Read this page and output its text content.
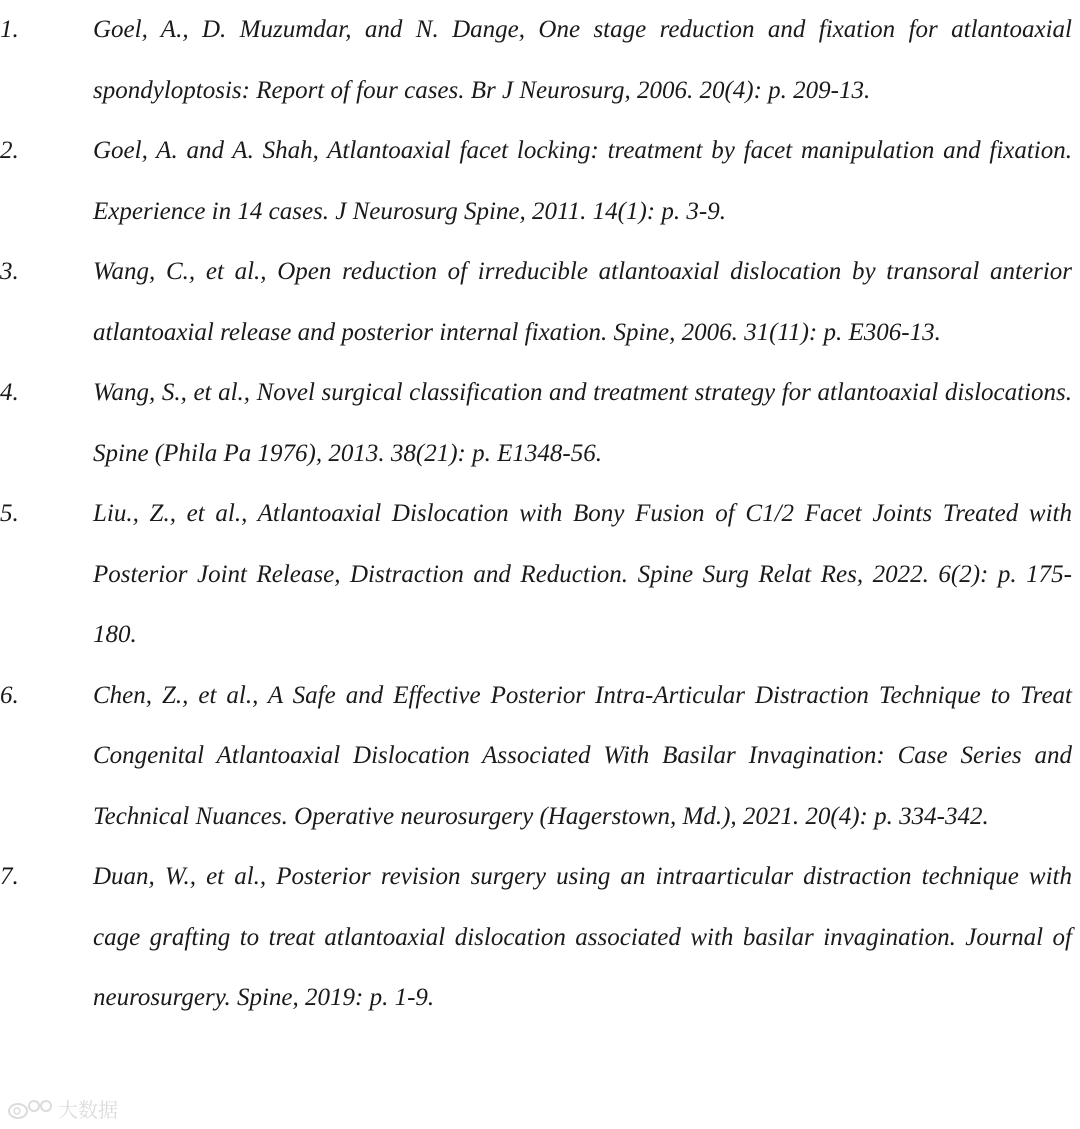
1.	Goel, A., D. Muzumdar, and N. Dange, One stage reduction and fixation for atlantoaxial spondyloptosis: Report of four cases. Br J Neurosurg, 2006. 20(4): p. 209-13.
2.	Goel, A. and A. Shah, Atlantoaxial facet locking: treatment by facet manipulation and fixation. Experience in 14 cases. J Neurosurg Spine, 2011. 14(1): p. 3-9.
3.	Wang, C., et al., Open reduction of irreducible atlantoaxial dislocation by transoral anterior atlantoaxial release and posterior internal fixation. Spine, 2006. 31(11): p. E306-13.
4.	Wang, S., et al., Novel surgical classification and treatment strategy for atlantoaxial dislocations. Spine (Phila Pa 1976), 2013. 38(21): p. E1348-56.
5.	Liu., Z., et al., Atlantoaxial Dislocation with Bony Fusion of C1/2 Facet Joints Treated with Posterior Joint Release, Distraction and Reduction. Spine Surg Relat Res, 2022. 6(2): p. 175-180.
6.	Chen, Z., et al., A Safe and Effective Posterior Intra-Articular Distraction Technique to Treat Congenital Atlantoaxial Dislocation Associated With Basilar Invagination: Case Series and Technical Nuances. Operative neurosurgery (Hagerstown, Md.), 2021. 20(4): p. 334-342.
7.	Duan, W., et al., Posterior revision surgery using an intraarticular distraction technique with cage grafting to treat atlantoaxial dislocation associated with basilar invagination. Journal of neurosurgery. Spine, 2019: p. 1-9.
大数据
